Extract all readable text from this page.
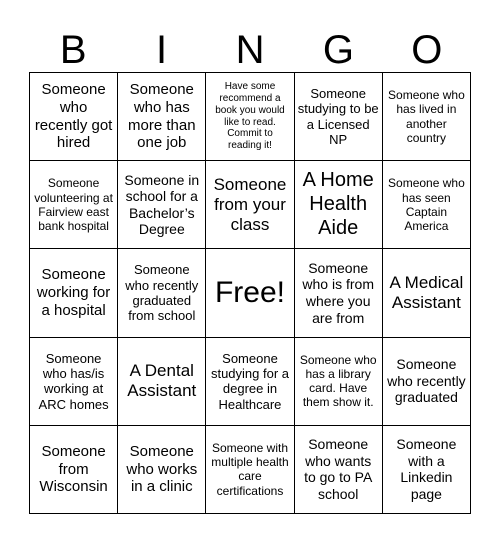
B	I	N	G	O
Someone who recently got hired
Someone who has more than one job
Have some recommend a book you would like to read. Commit to reading it!
Someone studying to be a Licensed NP
Someone who has lived in another country
Someone volunteering at Fairview east bank hospital
Someone in school for a Bachelor’s Degree
Someone from your class
A Home Health Aide
Someone who has seen Captain America
Someone working for a hospital
Someone who recently graduated from school
Free!
Someone who is from where you are from
A Medical Assistant
Someone who has/is working at ARC homes
A Dental Assistant
Someone studying for a degree in Healthcare
Someone who has a library card. Have them show it.
Someone who recently graduated
Someone from Wisconsin
Someone who works in a clinic
Someone with multiple health care certifications
Someone who wants to go to PA school
Someone with a Linkedin page
